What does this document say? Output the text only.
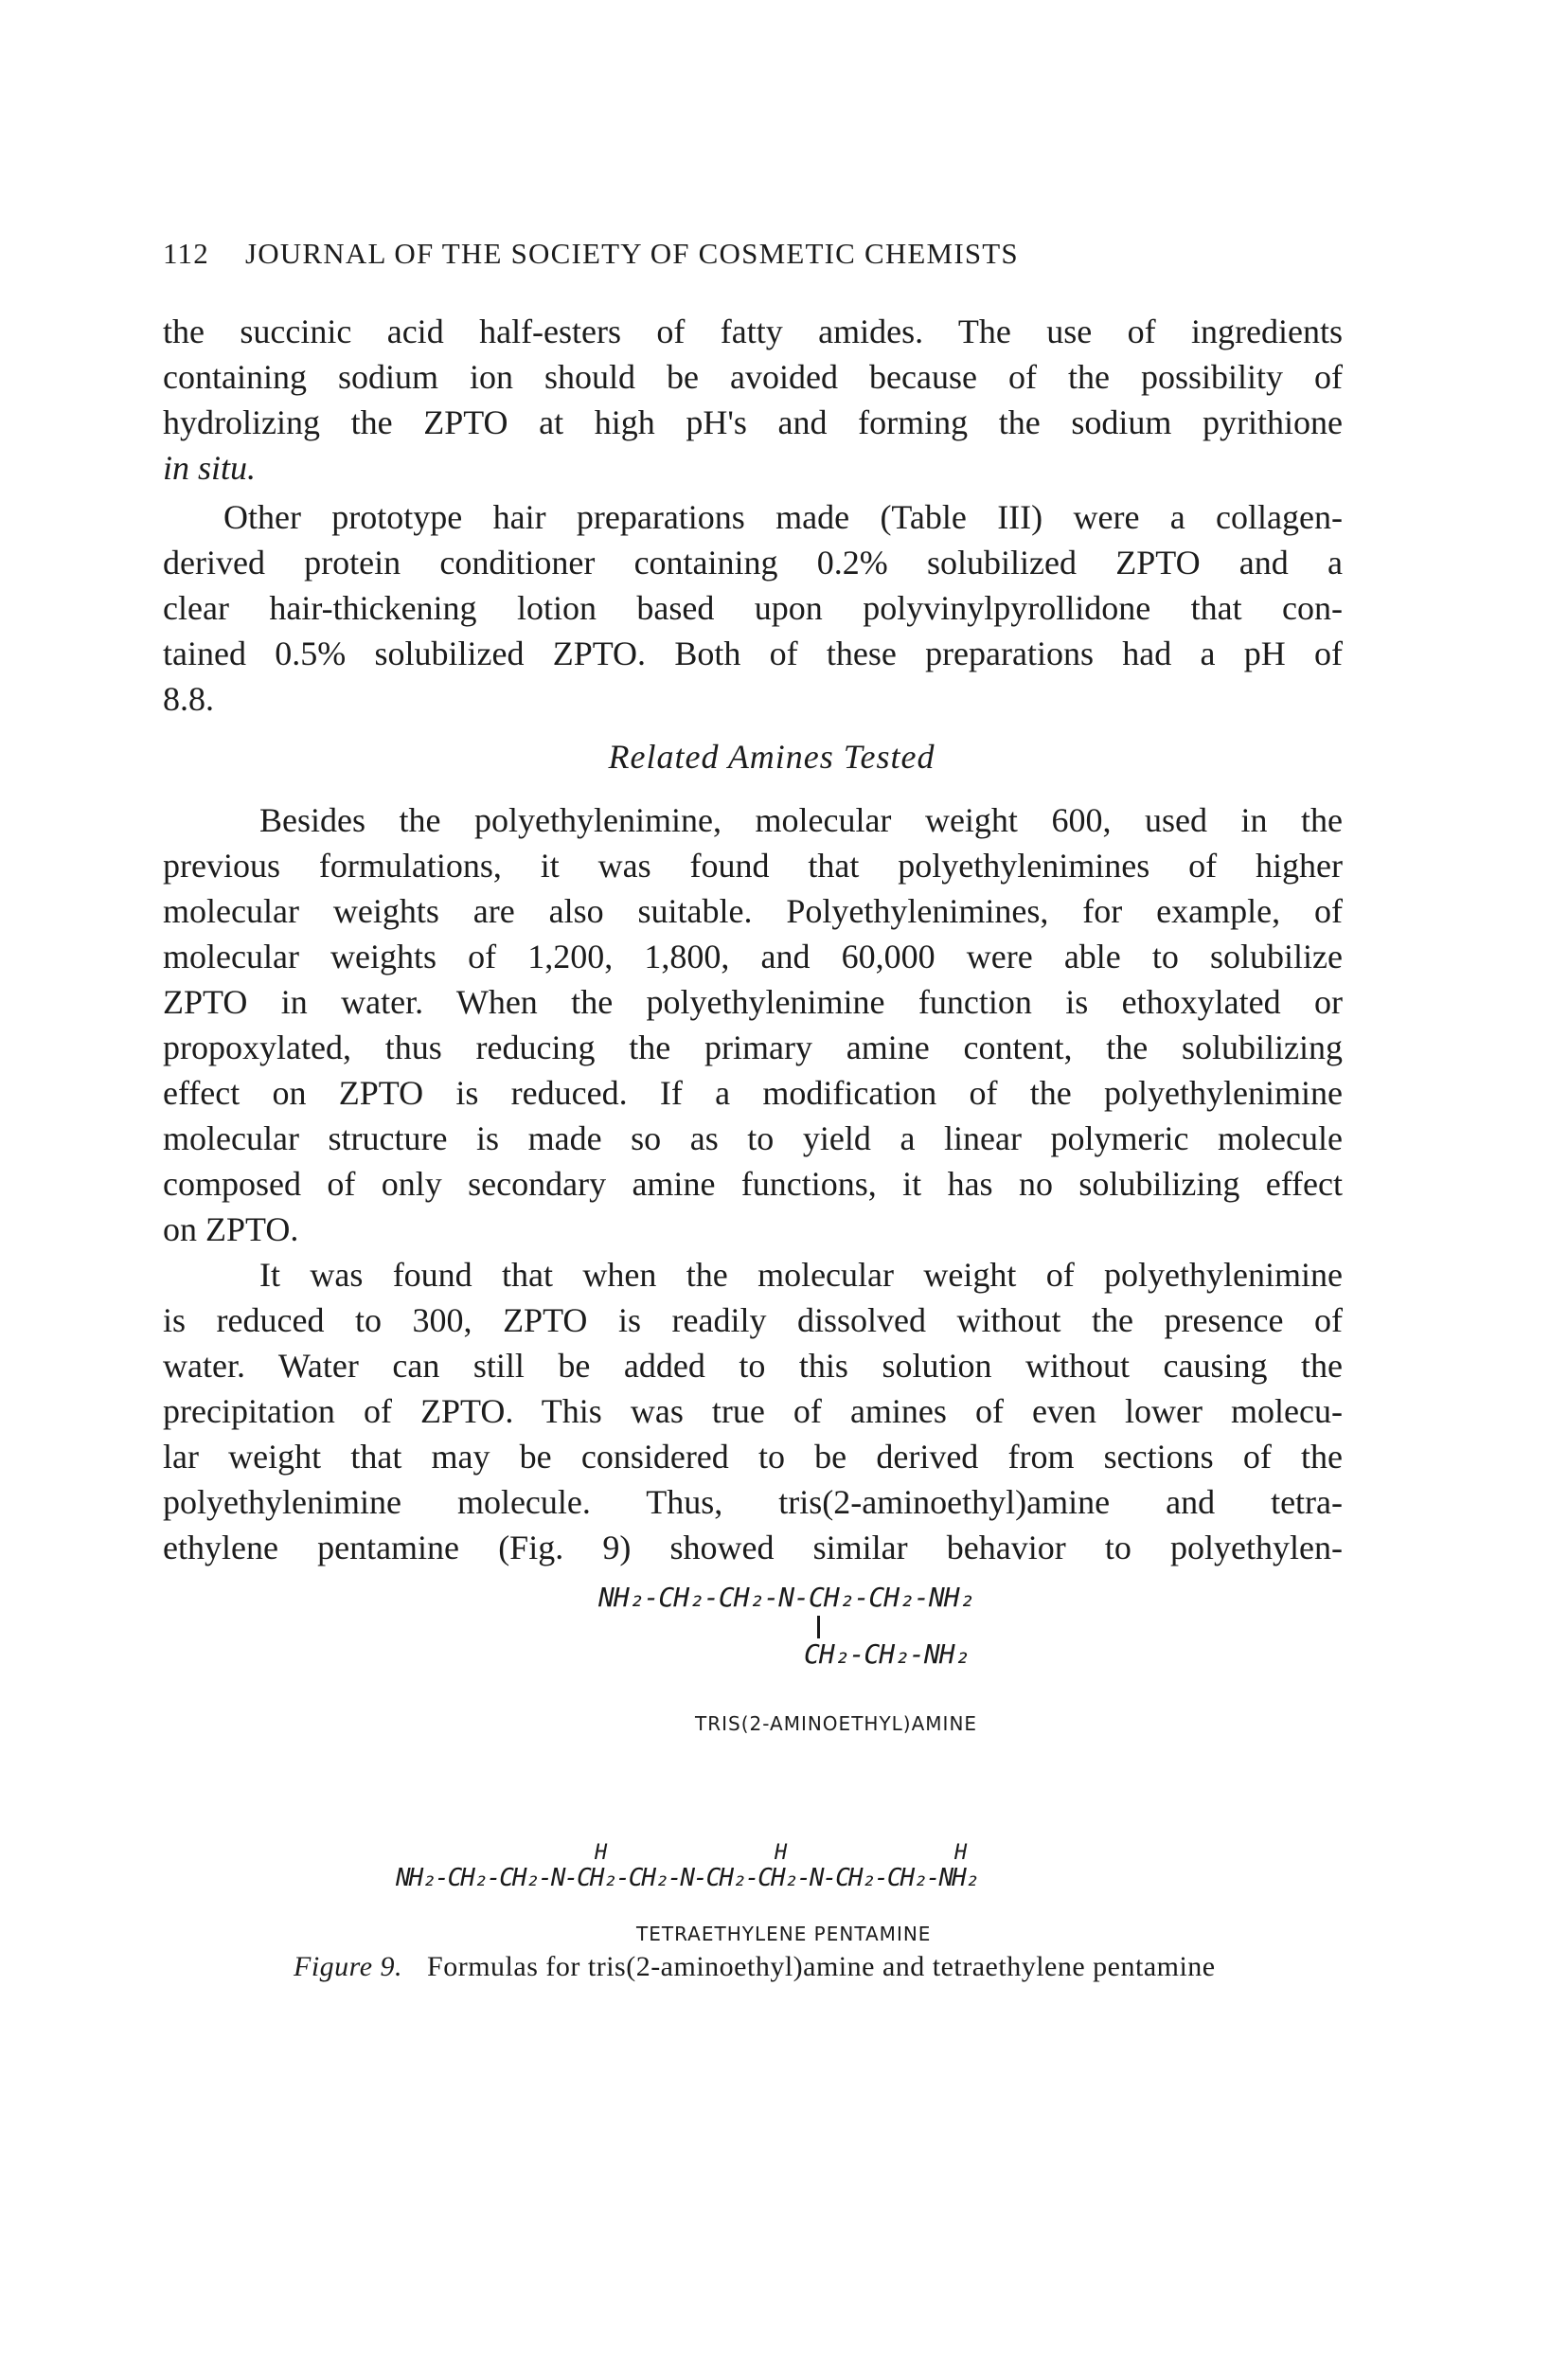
112 JOURNAL OF THE SOCIETY OF COSMETIC CHEMISTS
the succinic acid half-esters of fatty amides. The use of ingredients
containing sodium ion should be avoided because of the possibility of
hydrolizing the ZPTO at high pH's and forming the sodium pyrithione
in situ.
Other prototype hair preparations made (Table III) were a collagen-
derived protein conditioner containing 0.2% solubilized ZPTO and a
clear hair-thickening lotion based upon polyvinylpyrollidone that con-
tained 0.5% solubilized ZPTO. Both of these preparations had a pH of
8.8.
Related Amines Tested
Besides the polyethylenimine, molecular weight 600, used in the
previous formulations, it was found that polyethylenimines of higher
molecular weights are also suitable. Polyethylenimines, for example, of
molecular weights of 1,200, 1,800, and 60,000 were able to solubilize
ZPTO in water. When the polyethylenimine function is ethoxylated or
propoxylated, thus reducing the primary amine content, the solubilizing
effect on ZPTO is reduced. If a modification of the polyethylenimine
molecular structure is made so as to yield a linear polymeric molecule
composed of only secondary amine functions, it has no solubilizing effect
on ZPTO.
It was found that when the molecular weight of polyethylenimine
is reduced to 300, ZPTO is readily dissolved without the presence of
water. Water can still be added to this solution without causing the
precipitation of ZPTO. This was true of amines of even lower molecu-
lar weight that may be considered to be derived from sections of the
polyethylenimine molecule. Thus, tris(2-aminoethyl)amine and tetra-
ethylene pentamine (Fig. 9) showed similar behavior to polyethylen-
NH₂-CH₂-CH₂-N-CH₂-CH₂-NH₂
CH₂-CH₂-NH₂
TRIS(2-AMINOETHYL)AMINE
H	H	H
NH₂-CH₂-CH₂-N-CH₂-CH₂-N-CH₂-CH₂-N-CH₂-CH₂-NH₂
TETRAETHYLENE PENTAMINE
Figure 9. Formulas for tris(2-aminoethyl)amine and tetraethylene pentamine
